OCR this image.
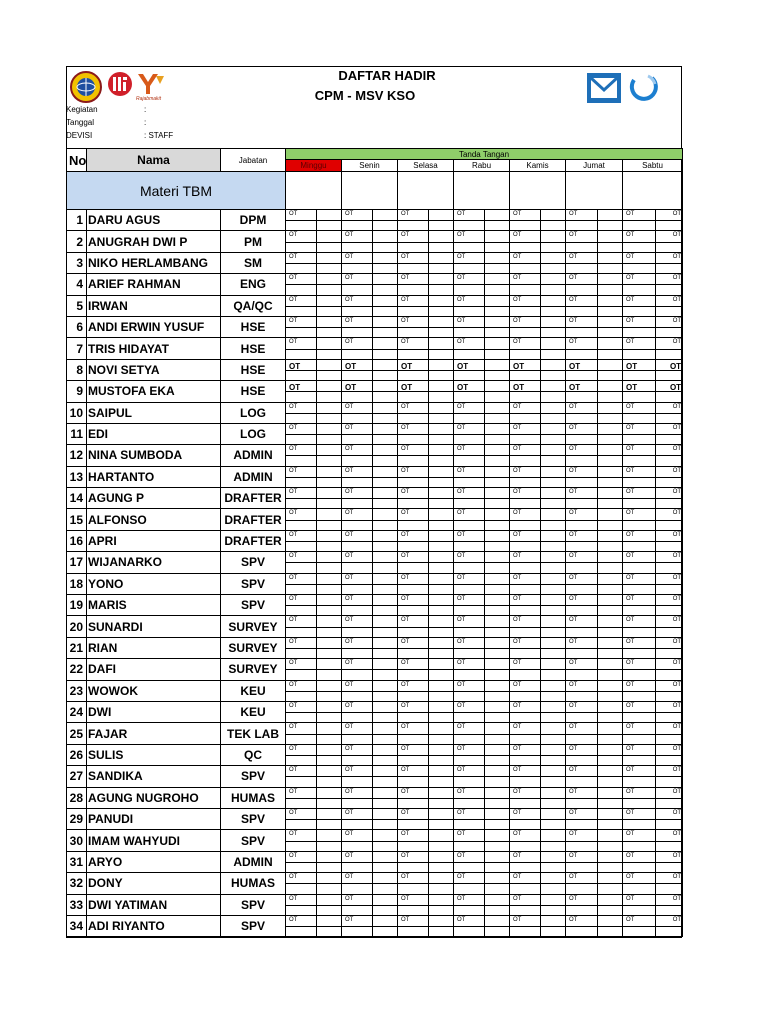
Rajabmakit
DAFTAR HADIR
CPM - MSV KSO
Kegiatan	:
Tanggal	:
DEVISI	: STAFF
No	Nama	Jabatan	Tanda Tangan						
			Minggu	Senin	Selasa	Rabu	Kamis	Jumat	Sabtu
Materi TBM									
1	DARU AGUS	DPM	OT	OT	OT	OT	OT	OT	OT OT

2	ANUGRAH DWI P	PM	OT	OT	OT	OT	OT	OT	OT OT

3	NIKO HERLAMBANG	SM	OT	OT	OT	OT	OT	OT	OT OT

4	ARIEF RAHMAN	ENG	OT	OT	OT	OT	OT	OT	OT OT

5	IRWAN	QA/QC	OT	OT	OT	OT	OT	OT	OT OT

6	ANDI ERWIN YUSUF	HSE	OT	OT	OT	OT	OT	OT	OT OT

7	TRIS HIDAYAT	HSE	OT	OT	OT	OT	OT	OT	OT OT

8	NOVI SETYA	HSE	OT	OT	OT	OT	OT	OT	OT OT

9	MUSTOFA EKA	HSE	OT	OT	OT	OT	OT	OT	OT OT

10	SAIPUL	LOG	OT	OT	OT	OT	OT	OT	OT OT

11	EDI	LOG	OT	OT	OT	OT	OT	OT	OT OT

12	NINA SUMBODA	ADMIN	OT	OT	OT	OT	OT	OT	OT OT

13	HARTANTO	ADMIN	OT	OT	OT	OT	OT	OT	OT OT

14	AGUNG P	DRAFTER	OT	OT	OT	OT	OT	OT	OT OT

15	ALFONSO	DRAFTER	OT	OT	OT	OT	OT	OT	OT OT

16	APRI	DRAFTER	OT	OT	OT	OT	OT	OT	OT OT

17	WIJANARKO	SPV	OT	OT	OT	OT	OT	OT	OT OT

18	YONO	SPV	OT	OT	OT	OT	OT	OT	OT OT

19	MARIS	SPV	OT	OT	OT	OT	OT	OT	OT OT

20	SUNARDI	SURVEY	OT	OT	OT	OT	OT	OT	OT OT

21	RIAN	SURVEY	OT	OT	OT	OT	OT	OT	OT OT

22	DAFI	SURVEY	OT	OT	OT	OT	OT	OT	OT OT

23	WOWOK	KEU	OT	OT	OT	OT	OT	OT	OT OT

24	DWI	KEU	OT	OT	OT	OT	OT	OT	OT OT

25	FAJAR	TEK LAB	OT	OT	OT	OT	OT	OT	OT OT

26	SULIS	QC	OT	OT	OT	OT	OT	OT	OT OT

27	SANDIKA	SPV	OT	OT	OT	OT	OT	OT	OT OT

28	AGUNG NUGROHO	HUMAS	OT	OT	OT	OT	OT	OT	OT OT

29	PANUDI	SPV	OT	OT	OT	OT	OT	OT	OT OT

30	IMAM WAHYUDI	SPV	OT	OT	OT	OT	OT	OT	OT OT

31	ARYO	ADMIN	OT	OT	OT	OT	OT	OT	OT OT

32	DONY	HUMAS	OT	OT	OT	OT	OT	OT	OT OT

33	DWI YATIMAN	SPV	OT	OT	OT	OT	OT	OT	OT OT

34	ADI RIYANTO	SPV	OT	OT	OT	OT	OT	OT	OT OT
